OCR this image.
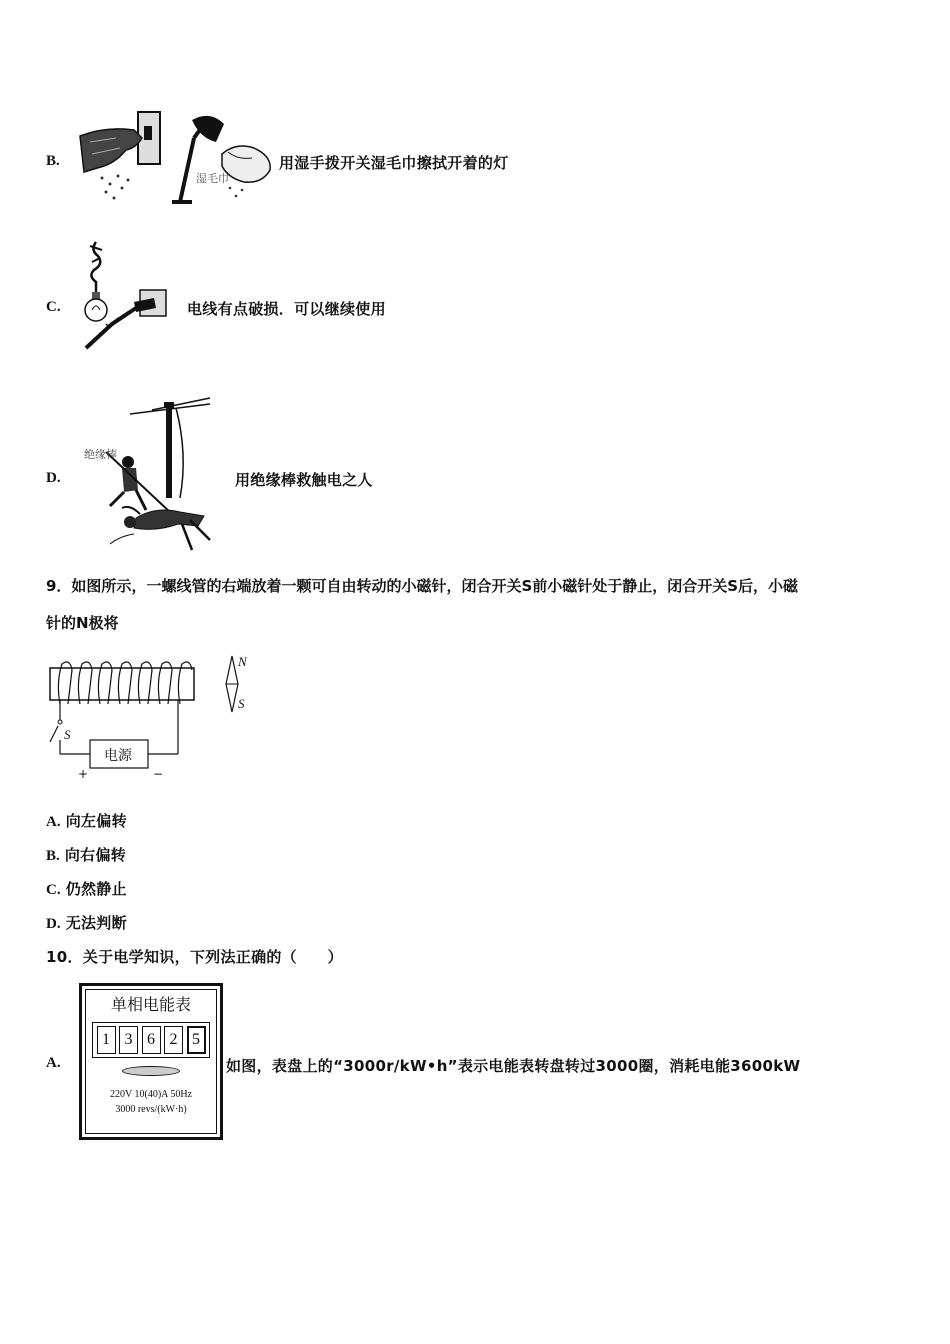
B.
湿毛巾
用湿手拨开关湿毛巾擦拭开着的灯
C.	电线有点破损．可以继续使用
D.
绝缘棒
用绝缘棒救触电之人
9．如图所示，一螺线管的右端放着一颗可自由转动的小磁针，闭合开关S前小磁针处于静止，闭合开关S后，小磁
针的N极将
电源
S
+	−
N
S
A. 向左偏转
B. 向右偏转
C. 仍然静止
D. 无法判断
10．关于电学知识，下列法正确的（　　）
A.
单相电能表
1 3 6 2 5
220V 10(40)A 50Hz
3000 revs/(kW·h)
如图，表盘上的“3000r/kW•h”表示电能表转盘转过3000圈，消耗电能3600kW
